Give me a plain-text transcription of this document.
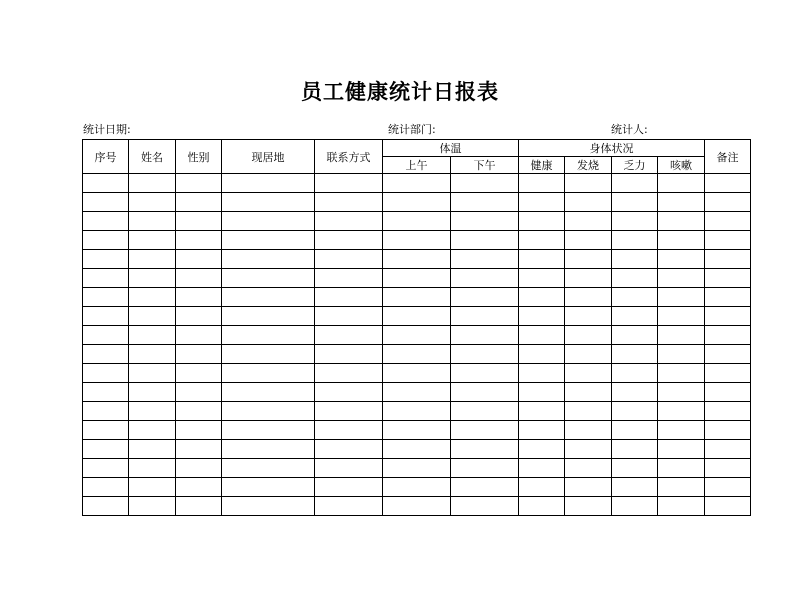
员工健康统计日报表
统计日期:	统计部门:	统计人:
序号	姓名	性别	现居地	联系方式	体温		身体状况				备注
					上午	下午	健康	发烧	乏力	咳嗽	
